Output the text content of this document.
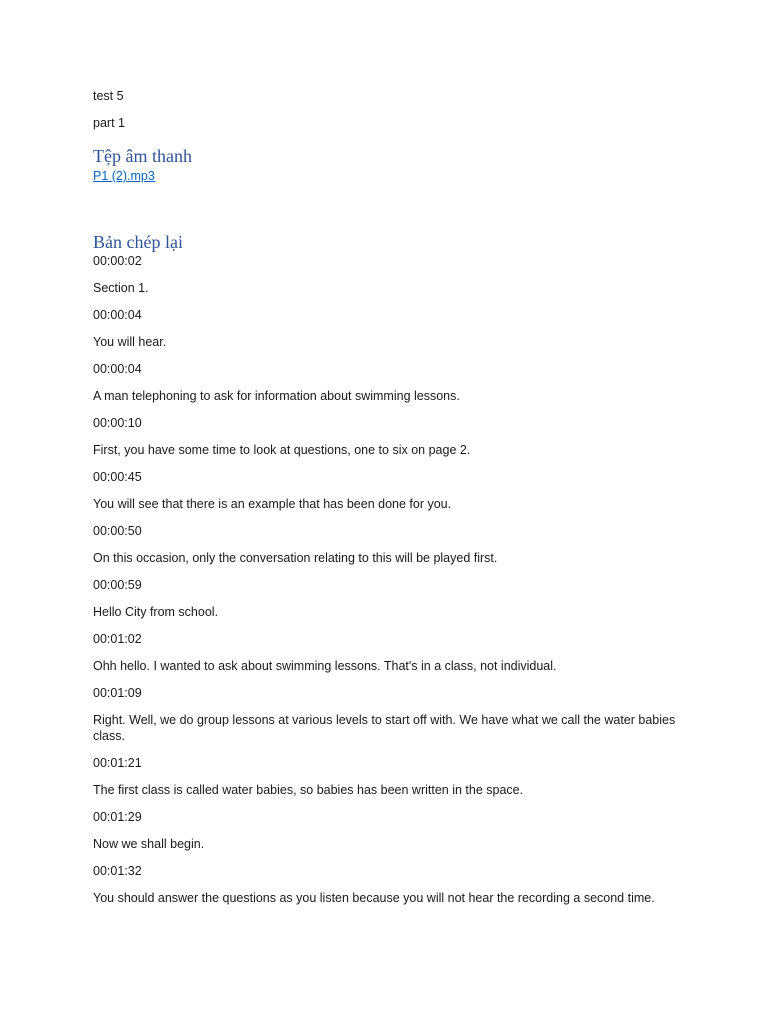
test 5

part 1

Tệp âm thanh
P1 (2).mp3
Bản chép lại

00:00:02

Section 1.

00:00:04

You will hear.

00:00:04

A man telephoning to ask for information about swimming lessons.

00:00:10

First, you have some time to look at questions, one to six on page 2.

00:00:45

You will see that there is an example that has been done for you.

00:00:50

On this occasion, only the conversation relating to this will be played first.

00:00:59

Hello City from school.

00:01:02

Ohh hello. I wanted to ask about swimming lessons. That's in a class, not individual.

00:01:09

Right. Well, we do group lessons at various levels to start off with. We have what we call the water babies class.

00:01:21

The first class is called water babies, so babies has been written in the space.

00:01:29

Now we shall begin.

00:01:32

You should answer the questions as you listen because you will not hear the recording a second time.
